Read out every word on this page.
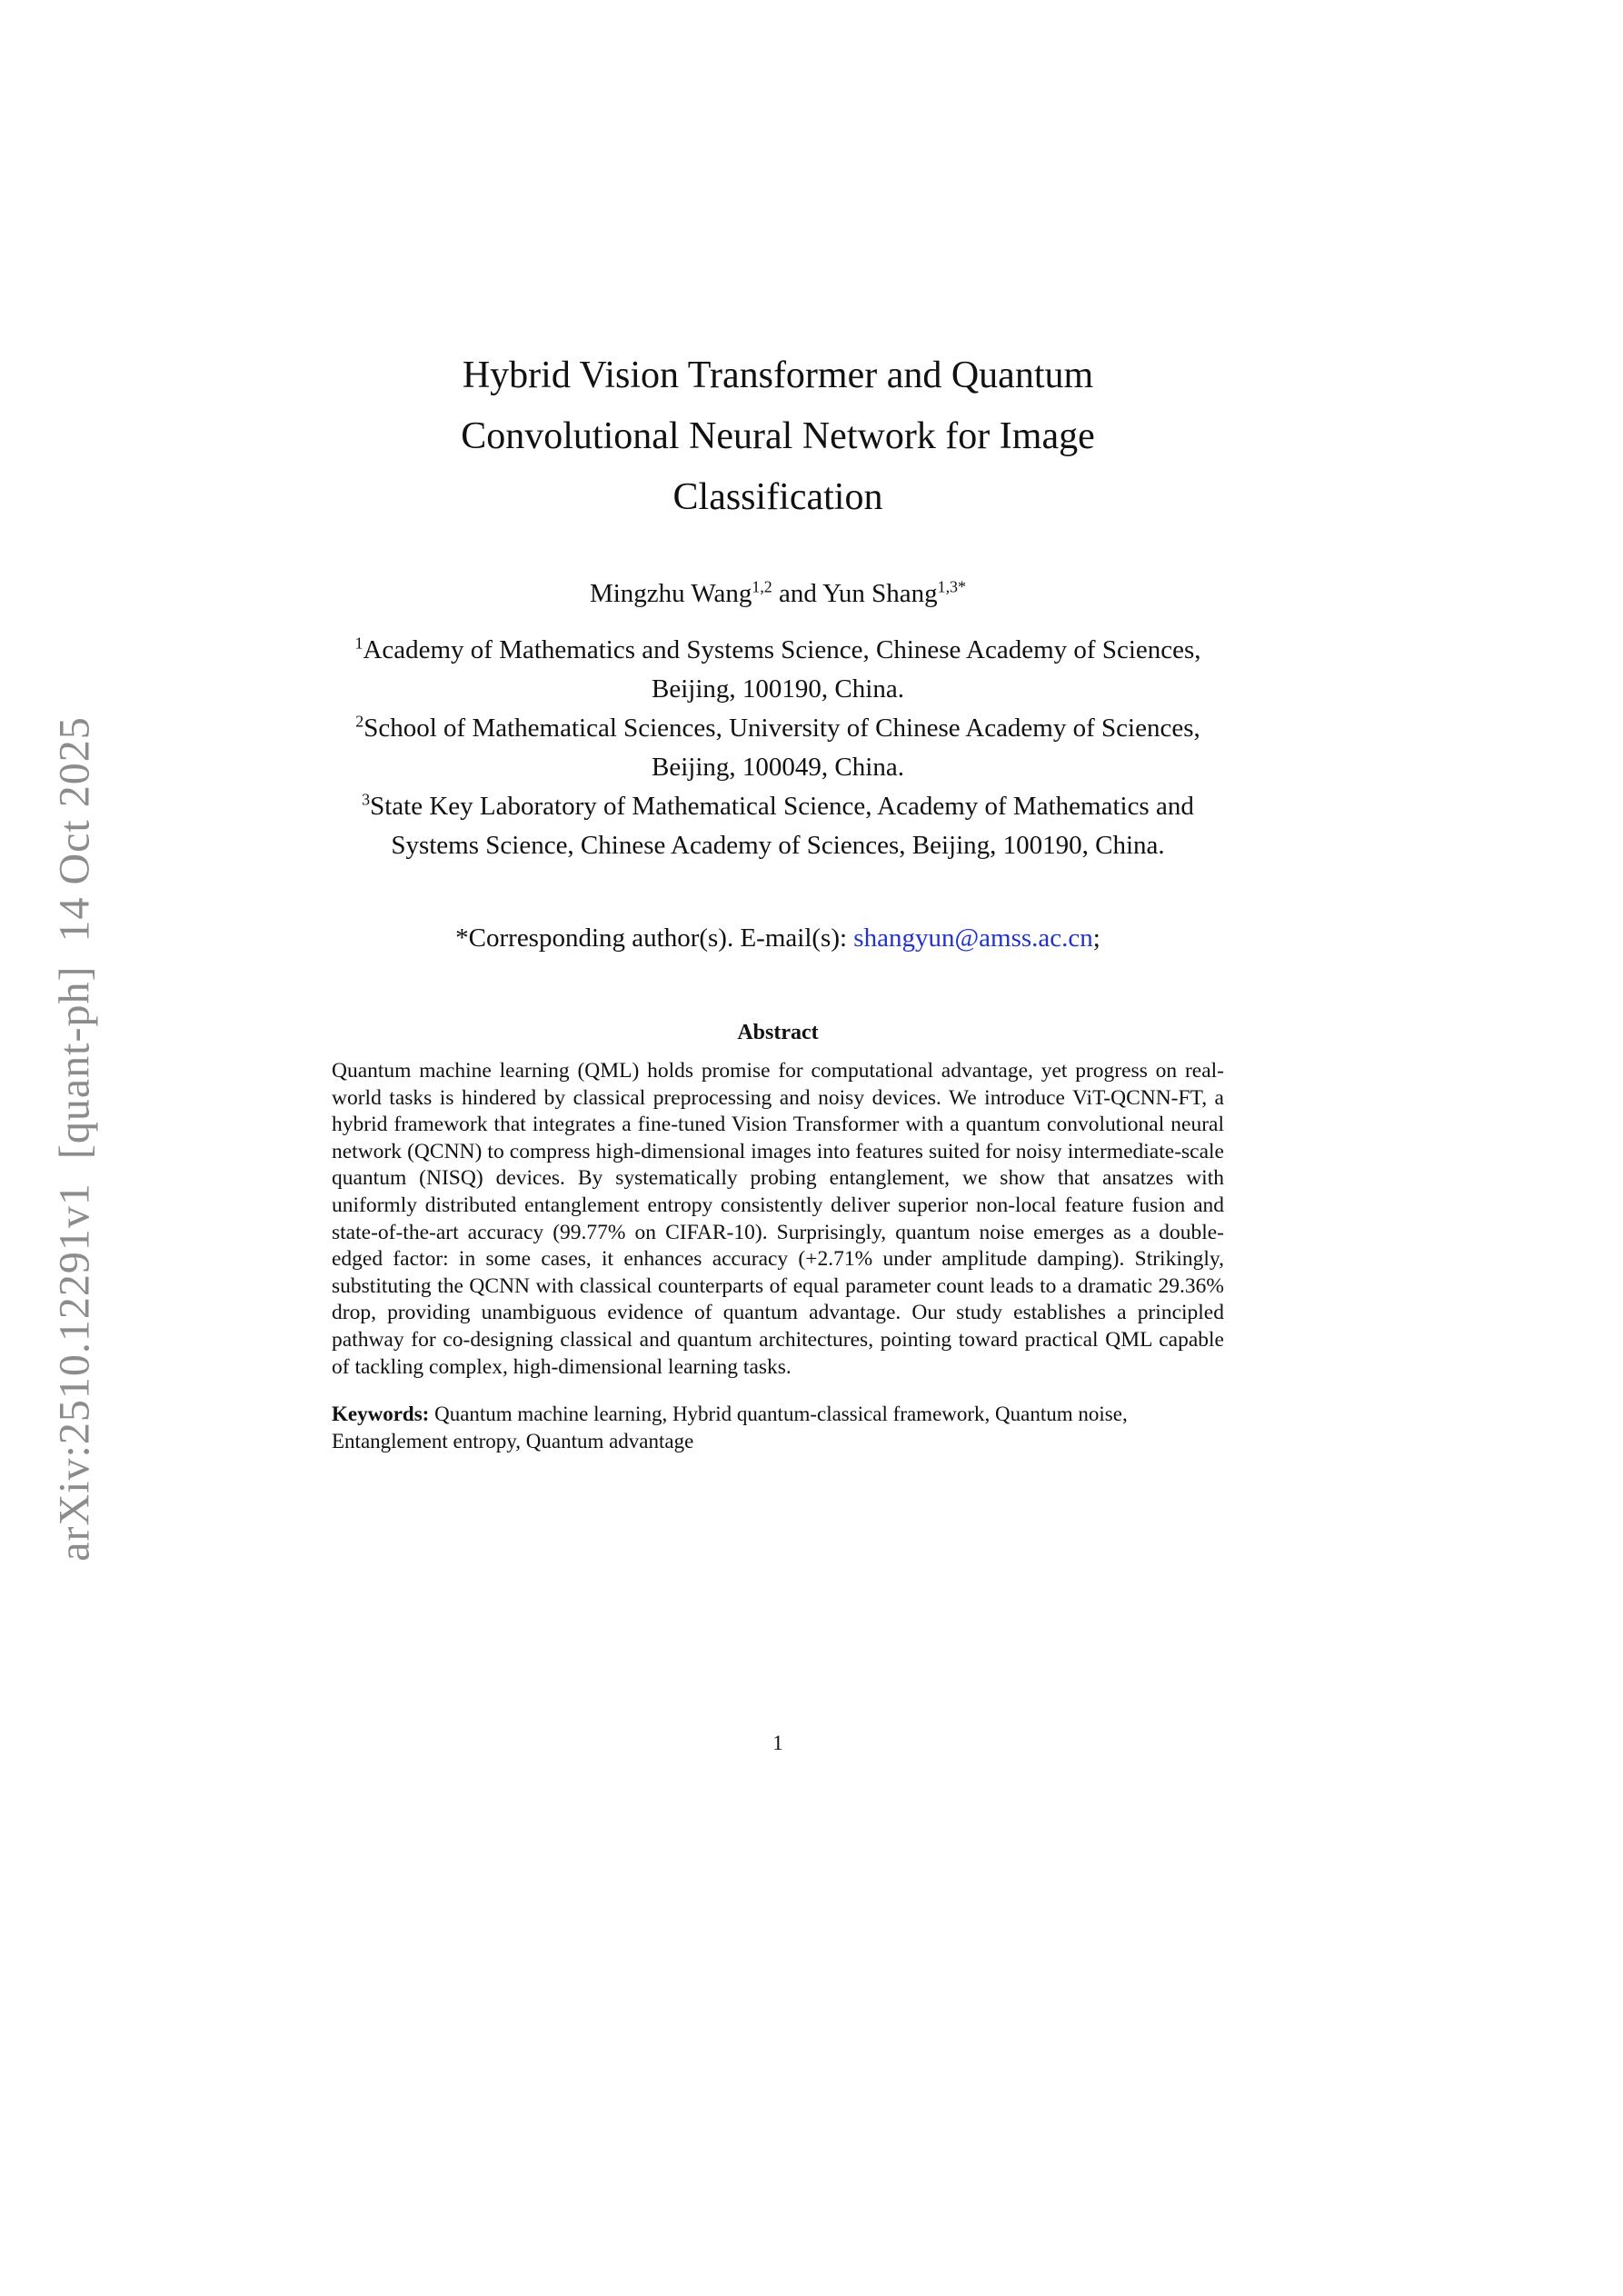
arXiv:2510.12291v1  [quant-ph]  14 Oct 2025
Hybrid Vision Transformer and Quantum Convolutional Neural Network for Image Classification
Mingzhu Wang$^{1,2}$ and Yun Shang$^{1,3*}$

$^1$Academy of Mathematics and Systems Science, Chinese Academy of Sciences, Beijing, 100190, China.

$^2$School of Mathematical Sciences, University of Chinese Academy of Sciences, Beijing, 100049, China.

$^3$State Key Laboratory of Mathematical Science, Academy of Mathematics and Systems Science, Chinese Academy of Sciences, Beijing, 100190, China.

*Corresponding author(s). E-mail(s): shangyun@amss.ac.cn;
Abstract

Quantum machine learning (QML) holds promise for computational advantage, yet progress on real-world tasks is hindered by classical preprocessing and noisy devices. We introduce ViT-QCNN-FT, a hybrid framework that integrates a fine-tuned Vision Transformer with a quantum convolutional neural network (QCNN) to compress high-dimensional images into features suited for noisy intermediate-scale quantum (NISQ) devices. By systematically probing entanglement, we show that ansatzes with uniformly distributed entanglement entropy consistently deliver superior non-local feature fusion and state-of-the-art accuracy (99.77% on CIFAR-10). Surprisingly, quantum noise emerges as a double-edged factor: in some cases, it enhances accuracy (+2.71% under amplitude damping). Strikingly, substituting the QCNN with classical counterparts of equal parameter count leads to a dramatic 29.36% drop, providing unambiguous evidence of quantum advantage. Our study establishes a principled pathway for co-designing classical and quantum architectures, pointing toward practical QML capable of tackling complex, high-dimensional learning tasks.

Keywords: Quantum machine learning, Hybrid quantum-classical framework, Quantum noise, Entanglement entropy, Quantum advantage

1
